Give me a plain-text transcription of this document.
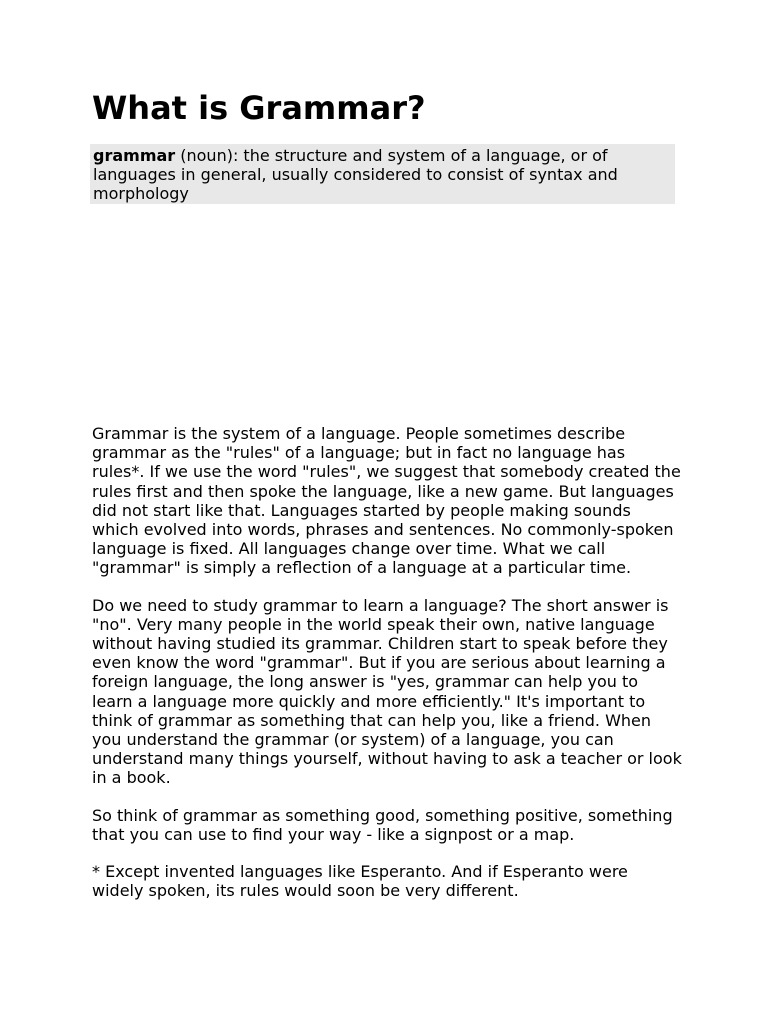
What is Grammar?

grammar (noun): the structure and system of a language, or of languages in general, usually considered to consist of syntax and morphology

Grammar is the system of a language. People sometimes describe grammar as the "rules" of a language; but in fact no language has rules*. If we use the word "rules", we suggest that somebody created the rules first and then spoke the language, like a new game. But languages did not start like that. Languages started by people making sounds which evolved into words, phrases and sentences. No commonly-spoken language is fixed. All languages change over time. What we call "grammar" is simply a reflection of a language at a particular time.

Do we need to study grammar to learn a language? The short answer is "no". Very many people in the world speak their own, native language without having studied its grammar. Children start to speak before they even know the word "grammar". But if you are serious about learning a foreign language, the long answer is "yes, grammar can help you to learn a language more quickly and more efficiently." It's important to think of grammar as something that can help you, like a friend. When you understand the grammar (or system) of a language, you can understand many things yourself, without having to ask a teacher or look in a book.

So think of grammar as something good, something positive, something that you can use to find your way - like a signpost or a map.

* Except invented languages like Esperanto. And if Esperanto were widely spoken, its rules would soon be very different.
